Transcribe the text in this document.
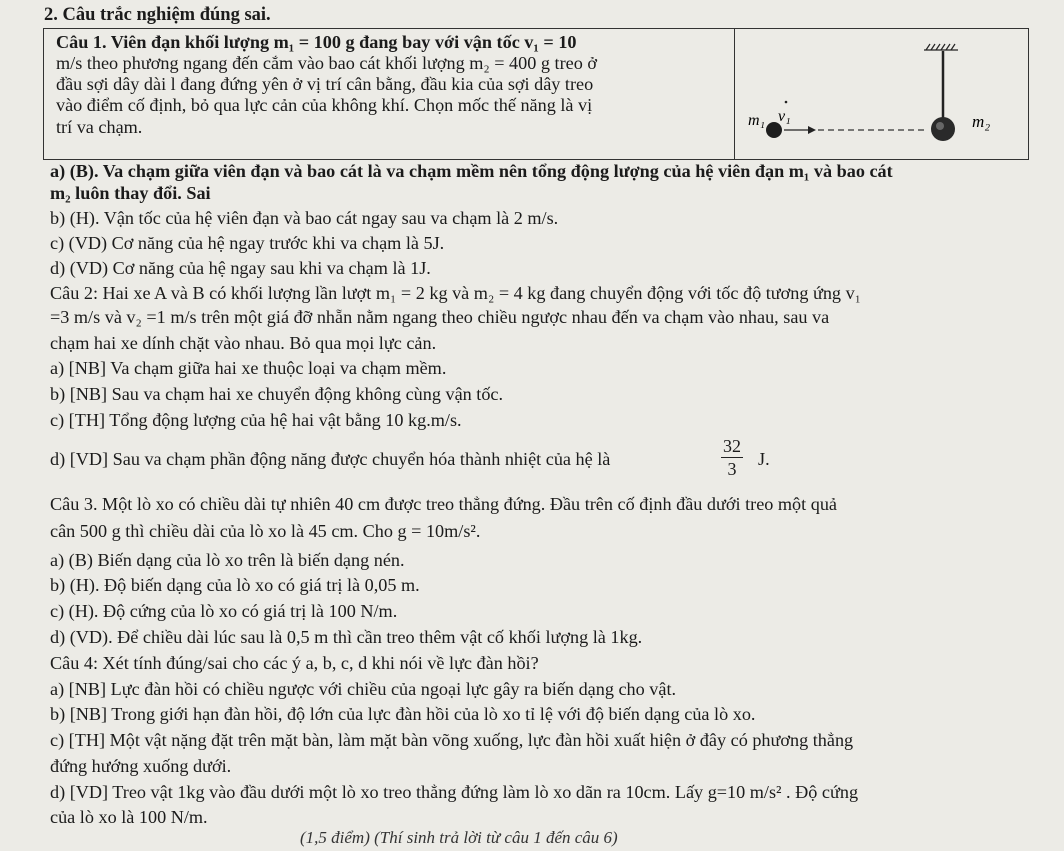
2. Câu trắc nghiệm đúng sai.
Câu 1. Viên đạn khối lượng m₁ = 100 g đang bay với vận tốc v₁ = 10
m/s theo phương ngang đến cắm vào bao cát khối lượng m₂ = 400 g treo ở
đầu sợi dây dài l đang đứng yên ở vị trí cân bằng, đầu kia của sợi dây treo
vào điểm cố định, bỏ qua lực cản của không khí. Chọn mốc thế năng là vị
trí va chạm.	m₁ v₁	m₂
a) (B). Va chạm giữa viên đạn và bao cát là va chạm mềm nên tổng động lượng của hệ viên đạn m₁ và bao cát
m₂ luôn thay đổi. Sai
b) (H). Vận tốc của hệ viên đạn và bao cát ngay sau va chạm là 2 m/s.
c) (VD) Cơ năng của hệ ngay trước khi va chạm là 5J.
d) (VD) Cơ năng của hệ ngay sau khi va chạm là 1J.
Câu 2: Hai xe A và B có khối lượng lần lượt m₁ = 2 kg và m₂ = 4 kg đang chuyển động với tốc độ tương ứng v₁
=3 m/s và v₂ =1 m/s trên một giá đỡ nhẵn nằm ngang theo chiều ngược nhau đến va chạm vào nhau, sau va
chạm hai xe dính chặt vào nhau. Bỏ qua mọi lực cản.
a) [NB] Va chạm giữa hai xe thuộc loại va chạm mềm.
b) [NB] Sau va chạm hai xe chuyển động không cùng vận tốc.
c) [TH] Tổng động lượng của hệ hai vật bằng 10 kg.m/s.
d) [VD] Sau va chạm phần động năng được chuyển hóa thành nhiệt của hệ là
32
3	J.
Câu 3. Một lò xo có chiều dài tự nhiên 40 cm được treo thẳng đứng. Đầu trên cố định đầu dưới treo một quả
cân 500 g thì chiều dài của lò xo là 45 cm. Cho g = 10m/s².
a) (B) Biến dạng của lò xo trên là biến dạng nén.
b) (H). Độ biến dạng của lò xo có giá trị là 0,05 m.
c) (H). Độ cứng của lò xo có giá trị là 100 N/m.
d) (VD). Để chiều dài lúc sau là 0,5 m thì cần treo thêm vật cố khối lượng là 1kg.
Câu 4: Xét tính đúng/sai cho các ý a, b, c, d khi nói về lực đàn hồi?
a) [NB] Lực đàn hồi có chiều ngược với chiều của ngoại lực gây ra biến dạng cho vật.
b) [NB] Trong giới hạn đàn hồi, độ lớn của lực đàn hồi của lò xo tỉ lệ với độ biến dạng của lò xo.
c) [TH] Một vật nặng đặt trên mặt bàn, làm mặt bàn võng xuống, lực đàn hồi xuất hiện ở đây có phương thẳng
đứng hướng xuống dưới.
d) [VD] Treo vật 1kg vào đầu dưới một lò xo treo thẳng đứng làm lò xo dãn ra 10cm. Lấy g=10 m/s² . Độ cứng
của lò xo là 100 N/m.
(1,5 điểm) (Thí sinh trả lời từ câu 1 đến câu 6)
